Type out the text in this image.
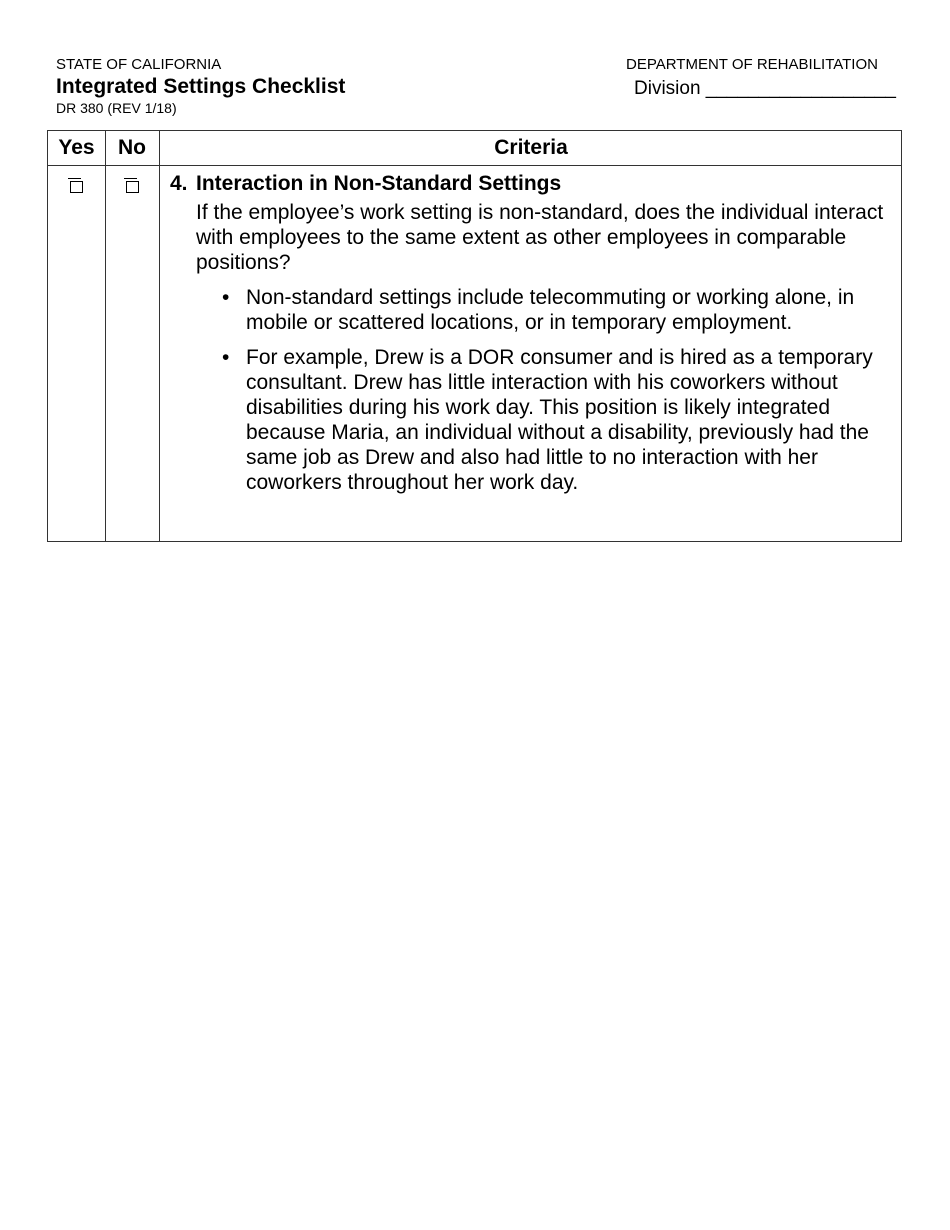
STATE OF CALIFORNIA
Integrated Settings Checklist
DR 380 (REV 1/18)
DEPARTMENT OF REHABILITATION
Division __________________
Yes	No	Criteria
4. Interaction in Non-Standard Settings
If the employee’s work setting is non-standard, does the individual interact with employees to the same extent as other employees in comparable positions?
• Non-standard settings include telecommuting or working alone, in mobile or scattered locations, or in temporary employment.
• For example, Drew is a DOR consumer and is hired as a temporary consultant. Drew has little interaction with his coworkers without disabilities during his work day. This position is likely integrated because Maria, an individual without a disability, previously had the same job as Drew and also had little to no interaction with her coworkers throughout her work day.
